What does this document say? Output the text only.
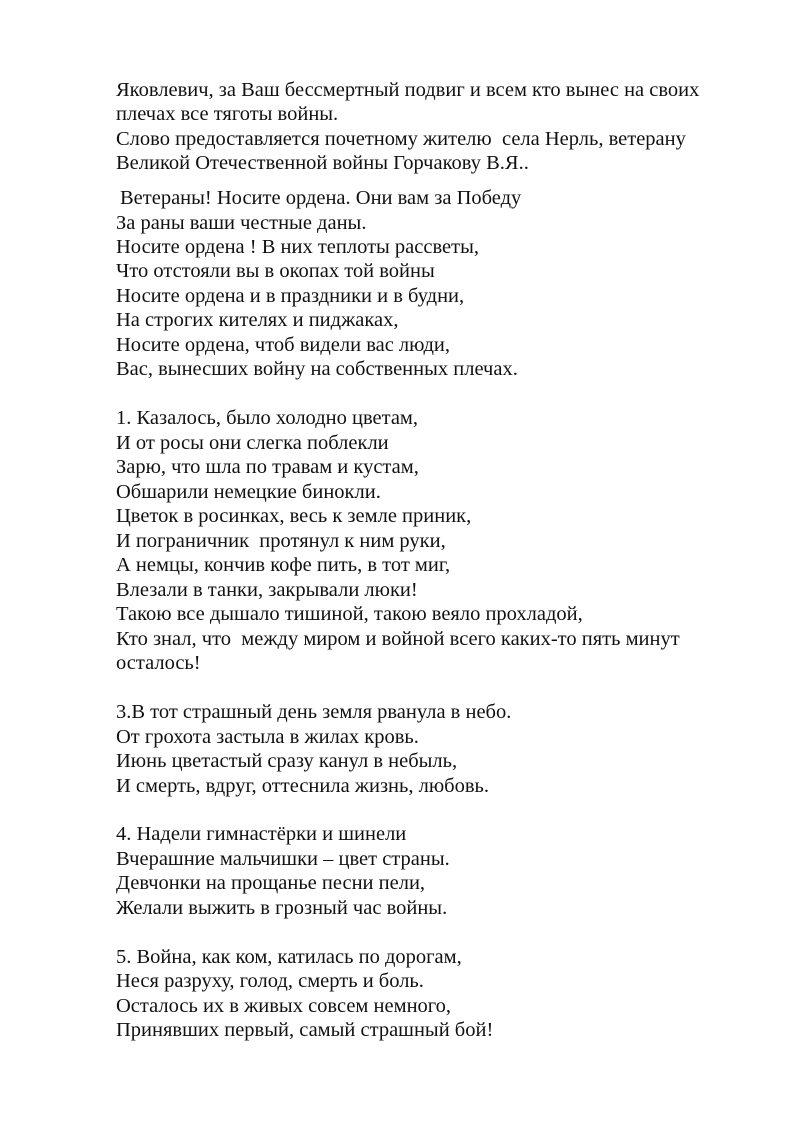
Яковлевич, за Ваш бессмертный подвиг и всем кто вынес на своих

плечах все тяготы войны.

Слово предоставляется почетному жителю  села Нерль, ветерану

Великой Отечественной войны Горчакову В.Я..

Ветераны! Носите ордена. Они вам за Победу

За раны ваши честные даны.

Носите ордена ! В них теплоты рассветы,

Что отстояли вы в окопах той войны

Носите ордена и в праздники и в будни,

На строгих кителях и пиджаках,

Носите ордена, чтоб видели вас люди,

Вас, вынесших войну на собственных плечах.

1. Казалось, было холодно цветам,

И от росы они слегка поблекли

Зарю, что шла по травам и кустам,

Обшарили немецкие бинокли.

Цветок в росинках, весь к земле приник,

И пограничник  протянул к ним руки,

А немцы, кончив кофе пить, в тот миг,

Влезали в танки, закрывали люки!

Такою все дышало тишиной, такою веяло прохладой,

Кто знал, что  между миром и войной всего каких-то пять минут

осталось!

3.В тот страшный день земля рванула в небо.

От грохота застыла в жилах кровь.

Июнь цветастый сразу канул в небыль,

И смерть, вдруг, оттеснила жизнь, любовь.

4. Надели гимнастёрки и шинели

Вчерашние мальчишки – цвет страны.

Девчонки на прощанье песни пели,

Желали выжить в грозный час войны.

5. Война, как ком, катилась по дорогам,

Неся разруху, голод, смерть и боль.

Осталось их в живых совсем немного,

Принявших первый, самый страшный бой!
